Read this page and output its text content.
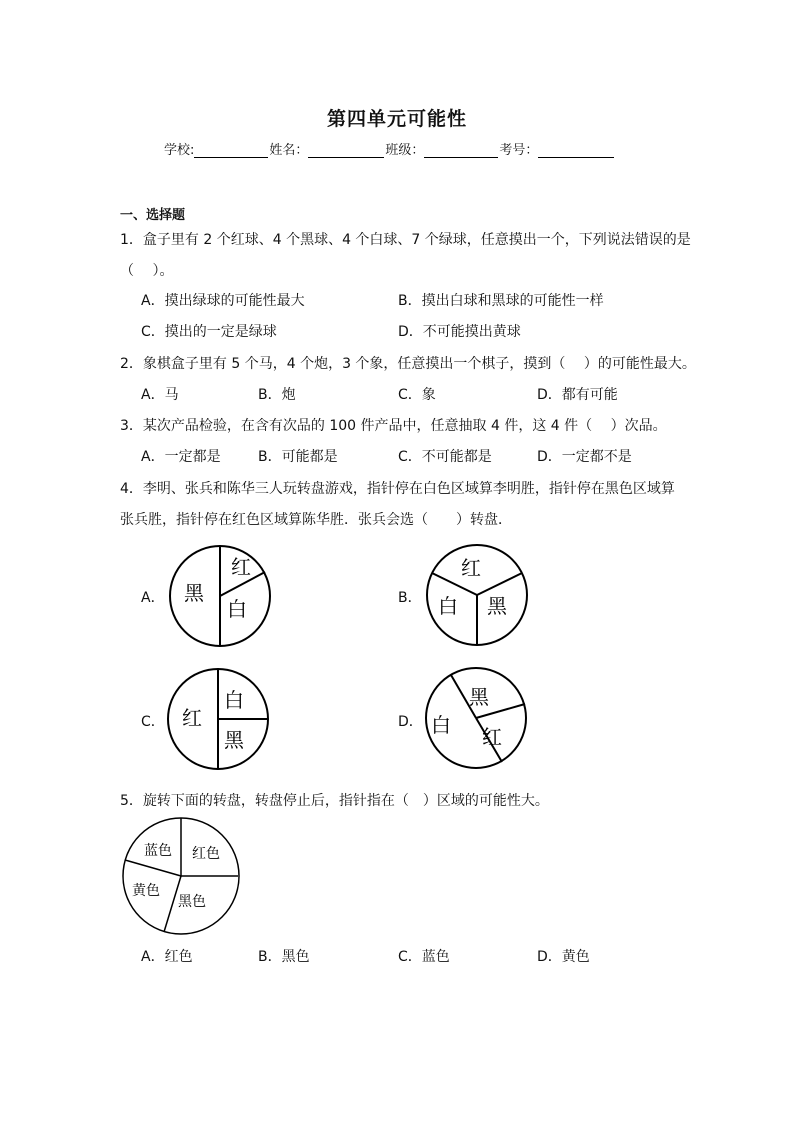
第四单元可能性
学校:	姓名：	班级：	考号：
一、选择题
1．盒子里有 2 个红球、4 个黑球、4 个白球、7 个绿球，任意摸出一个，下列说法错误的是
（　 ）。
A．摸出绿球的可能性最大	B．摸出白球和黑球的可能性一样
C．摸出的一定是绿球	D．不可能摸出黄球
2．象棋盒子里有 5 个马，4 个炮，3 个象，任意摸出一个棋子，摸到（　 ）的可能性最大。
A．马	B．炮	C．象	D．都有可能
3．某次产品检验，在含有次品的 100 件产品中，任意抽取 4 件，这 4 件（　 ）次品。
A．一定都是	B．可能都是	C．不可能都是	D．一定都不是
4．李明、张兵和陈华三人玩转盘游戏，指针停在白色区域算李明胜，指针停在黑色区域算
张兵胜，指针停在红色区域算陈华胜．张兵会选（　　）转盘．
A．	B．
C．	D．
红
黑
白
红
白 黑
红
白
黑
黑
白 红
5．旋转下面的转盘，转盘停止后，指针指在（　）区域的可能性大。
蓝色 红色
黄色
黑色
A．红色	B．黑色	C．蓝色	D．黄色
